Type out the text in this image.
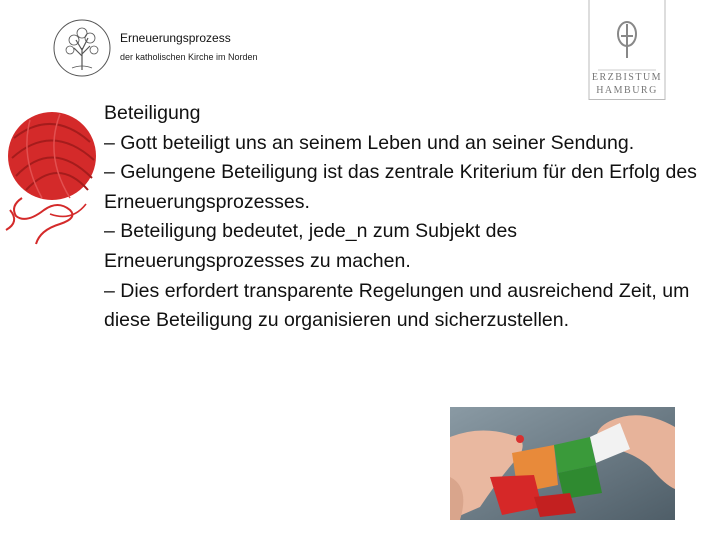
Erneuerungsprozess
der katholischen Kirche im Norden
ERZBISTUM
HAMBURG
Beteiligung
– Gott beteiligt uns an seinem Leben und an seiner Sendung.
– Gelungene Beteiligung ist das zentrale Kriterium für den Erfolg des Erneuerungsprozesses.
– Beteiligung bedeutet, jede_n zum Subjekt des Erneuerungsprozesses zu machen.
– Dies erfordert transparente Regelungen und ausreichend Zeit, um diese Beteiligung zu organisieren und sicherzustellen.
